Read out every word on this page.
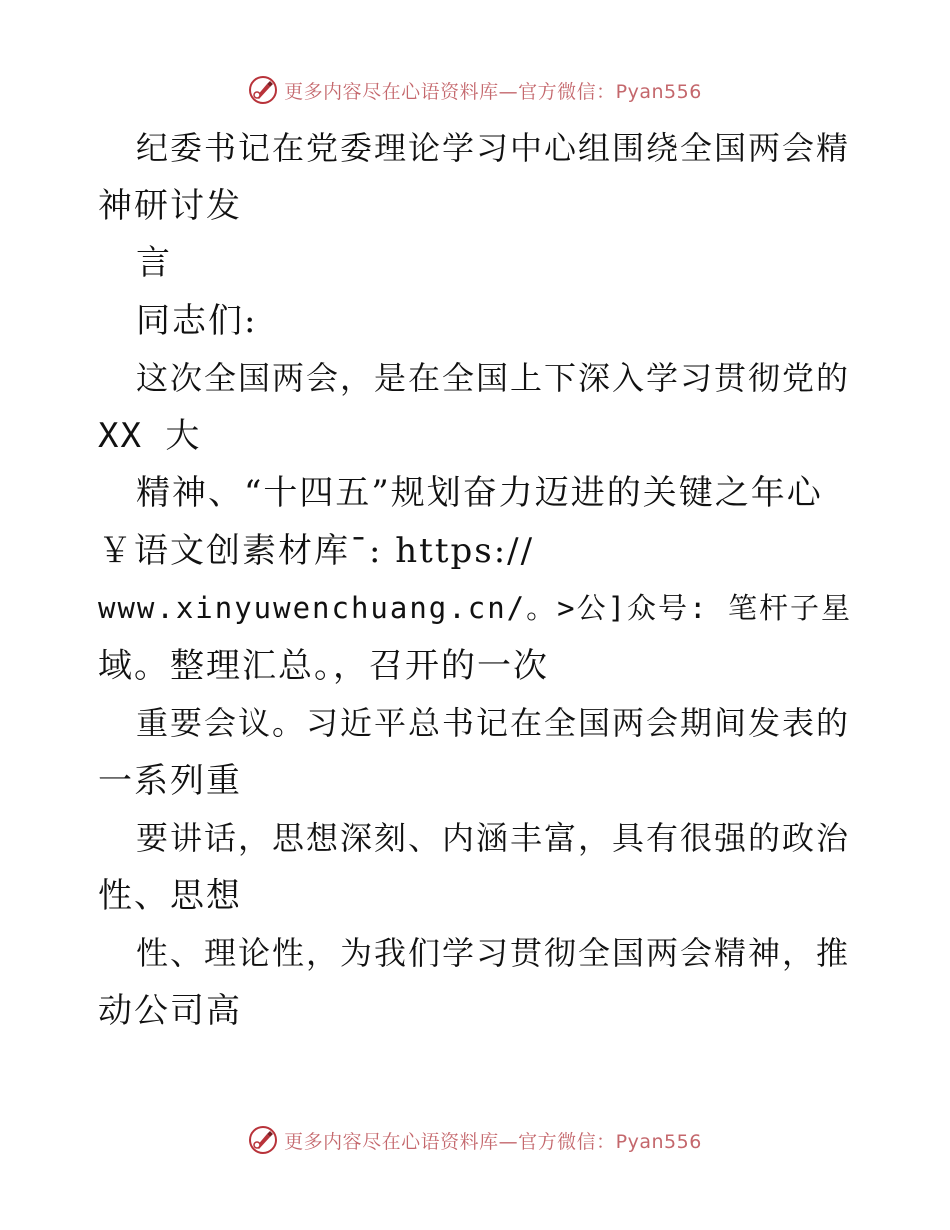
更多内容尽在心语资料库—官方微信：Pyan556
纪委书记在党委理论学习中心组围绕全国两会精
神研讨发
言
同志们:
这次全国两会，是在全国上下深入学习贯彻党的
XX 大
精神、“十四五”规划奋力迈进的关键之年心
￥语文创素材库¯: https://
www.xinyuwenchuang.cn/。>公]众号: 笔杆子星
域。整理汇总。，召开的一次
重要会议。习近平总书记在全国两会期间发表的
一系列重
要讲话，思想深刻、内涵丰富，具有很强的政治
性、思想
性、理论性，为我们学习贯彻全国两会精神，推
动公司高
更多内容尽在心语资料库—官方微信：Pyan556
